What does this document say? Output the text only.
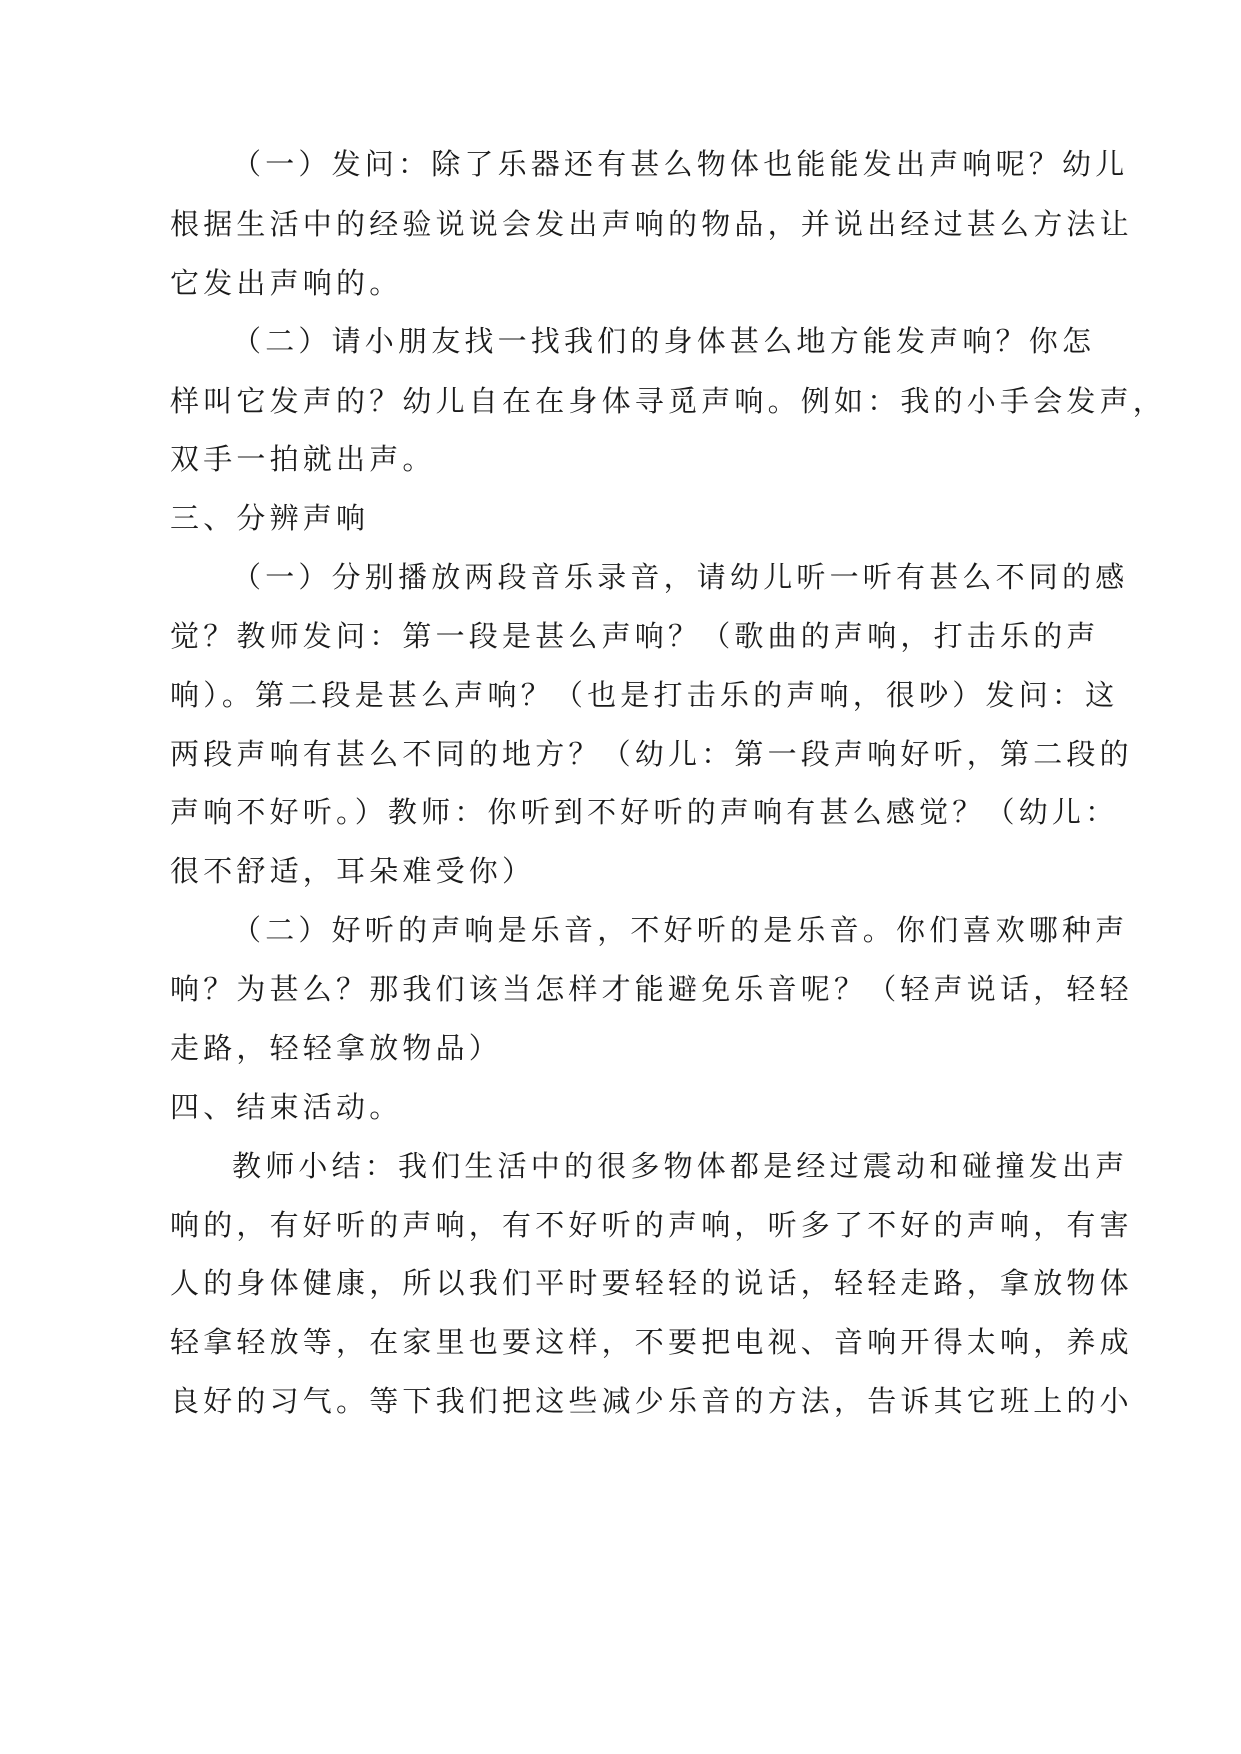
（一）发问：除了乐器还有甚么物体也能能发出声响呢？幼儿
根据生活中的经验说说会发出声响的物品，并说出经过甚么方法让
它发出声响的。
（二）请小朋友找一找我们的身体甚么地方能发声响？你怎
样叫它发声的？幼儿自在在身体寻觅声响。例如：我的小手会发声，
双手一拍就出声。
三、分辨声响
（一）分别播放两段音乐录音，请幼儿听一听有甚么不同的感
觉？教师发问：第一段是甚么声响？（歌曲的声响，打击乐的声
响）。第二段是甚么声响？（也是打击乐的声响，很吵）发问：这
两段声响有甚么不同的地方？（幼儿：第一段声响好听，第二段的
声响不好听。）教师：你听到不好听的声响有甚么感觉？（幼儿：
很不舒适，耳朵难受你）
（二）好听的声响是乐音，不好听的是乐音。你们喜欢哪种声
响？为甚么？那我们该当怎样才能避免乐音呢？（轻声说话，轻轻
走路，轻轻拿放物品）
四、结束活动。
教师小结：我们生活中的很多物体都是经过震动和碰撞发出声
响的，有好听的声响，有不好听的声响，听多了不好的声响，有害
人的身体健康，所以我们平时要轻轻的说话，轻轻走路，拿放物体
轻拿轻放等，在家里也要这样，不要把电视、音响开得太响，养成
良好的习气。等下我们把这些减少乐音的方法，告诉其它班上的小
